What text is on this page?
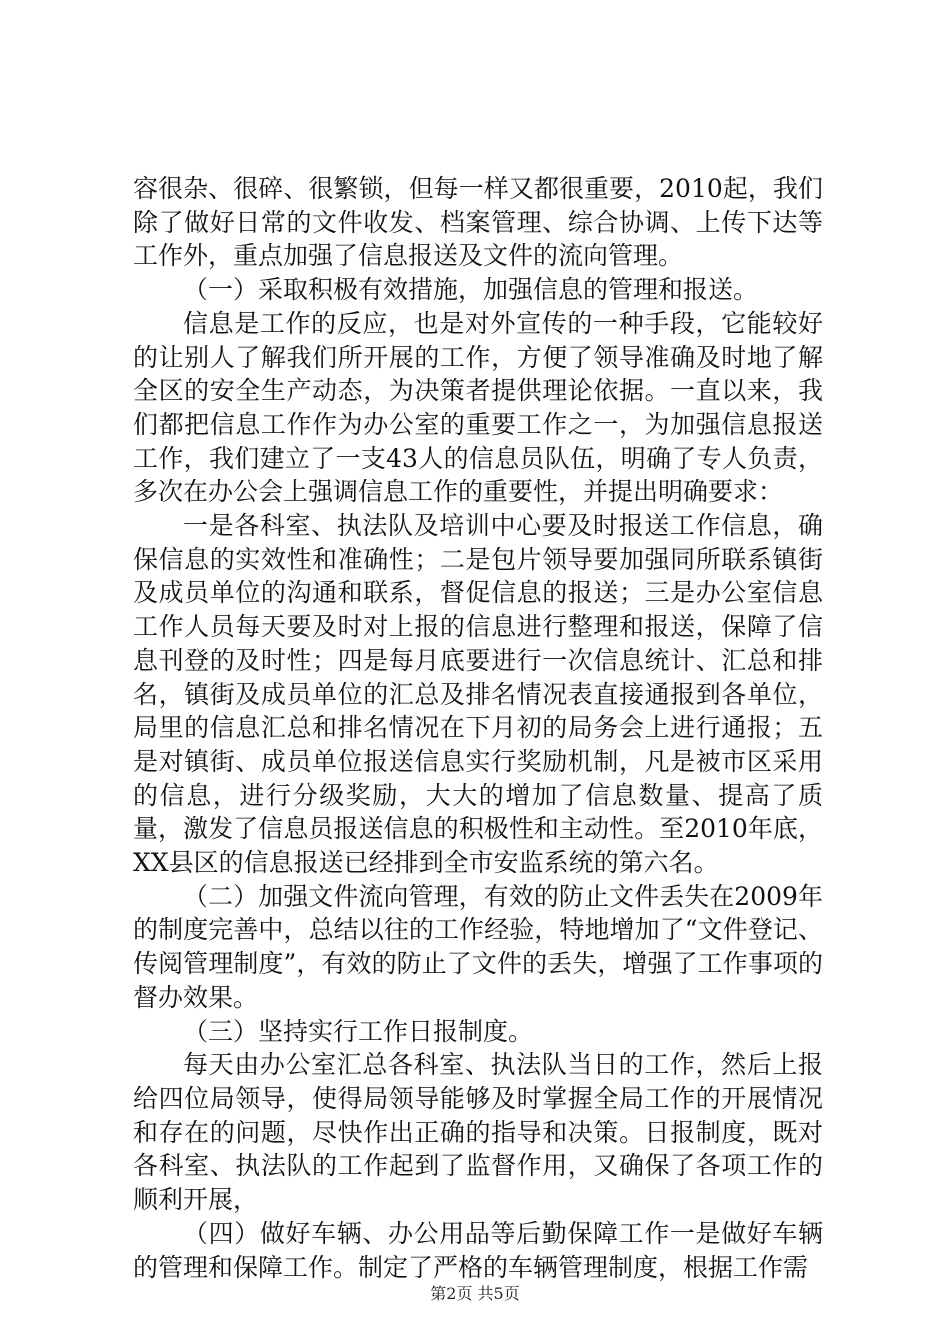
容很杂、很碎、很繁锁，但每一样又都很重要，2010起，我们除了做好日常的文件收发、档案管理、综合协调、上传下达等工作外，重点加强了信息报送及文件的流向管理。

（一）采取积极有效措施，加强信息的管理和报送。

信息是工作的反应，也是对外宣传的一种手段，它能较好的让别人了解我们所开展的工作，方便了领导准确及时地了解全区的安全生产动态，为决策者提供理论依据。一直以来，我们都把信息工作作为办公室的重要工作之一，为加强信息报送工作，我们建立了一支43人的信息员队伍，明确了专人负责，多次在办公会上强调信息工作的重要性，并提出明确要求：

一是各科室、执法队及培训中心要及时报送工作信息，确保信息的实效性和准确性；二是包片领导要加强同所联系镇街及成员单位的沟通和联系，督促信息的报送；三是办公室信息工作人员每天要及时对上报的信息进行整理和报送，保障了信息刊登的及时性；四是每月底要进行一次信息统计、汇总和排名，镇街及成员单位的汇总及排名情况表直接通报到各单位，局里的信息汇总和排名情况在下月初的局务会上进行通报；五是对镇街、成员单位报送信息实行奖励机制，凡是被市区采用的信息，进行分级奖励，大大的增加了信息数量、提高了质量，激发了信息员报送信息的积极性和主动性。至2010年底，XX县区的信息报送已经排到全市安监系统的第六名。

（二）加强文件流向管理，有效的防止文件丢失在2009年的制度完善中，总结以往的工作经验，特地增加了“文件登记、传阅管理制度”，有效的防止了文件的丢失，增强了工作事项的督办效果。

（三）坚持实行工作日报制度。

每天由办公室汇总各科室、执法队当日的工作，然后上报给四位局领导，使得局领导能够及时掌握全局工作的开展情况和存在的问题，尽快作出正确的指导和决策。日报制度，既对各科室、执法队的工作起到了监督作用，又确保了各项工作的顺利开展，

（四）做好车辆、办公用品等后勤保障工作一是做好车辆的管理和保障工作。制定了严格的车辆管理制度，根据工作需

第2页 共5页
